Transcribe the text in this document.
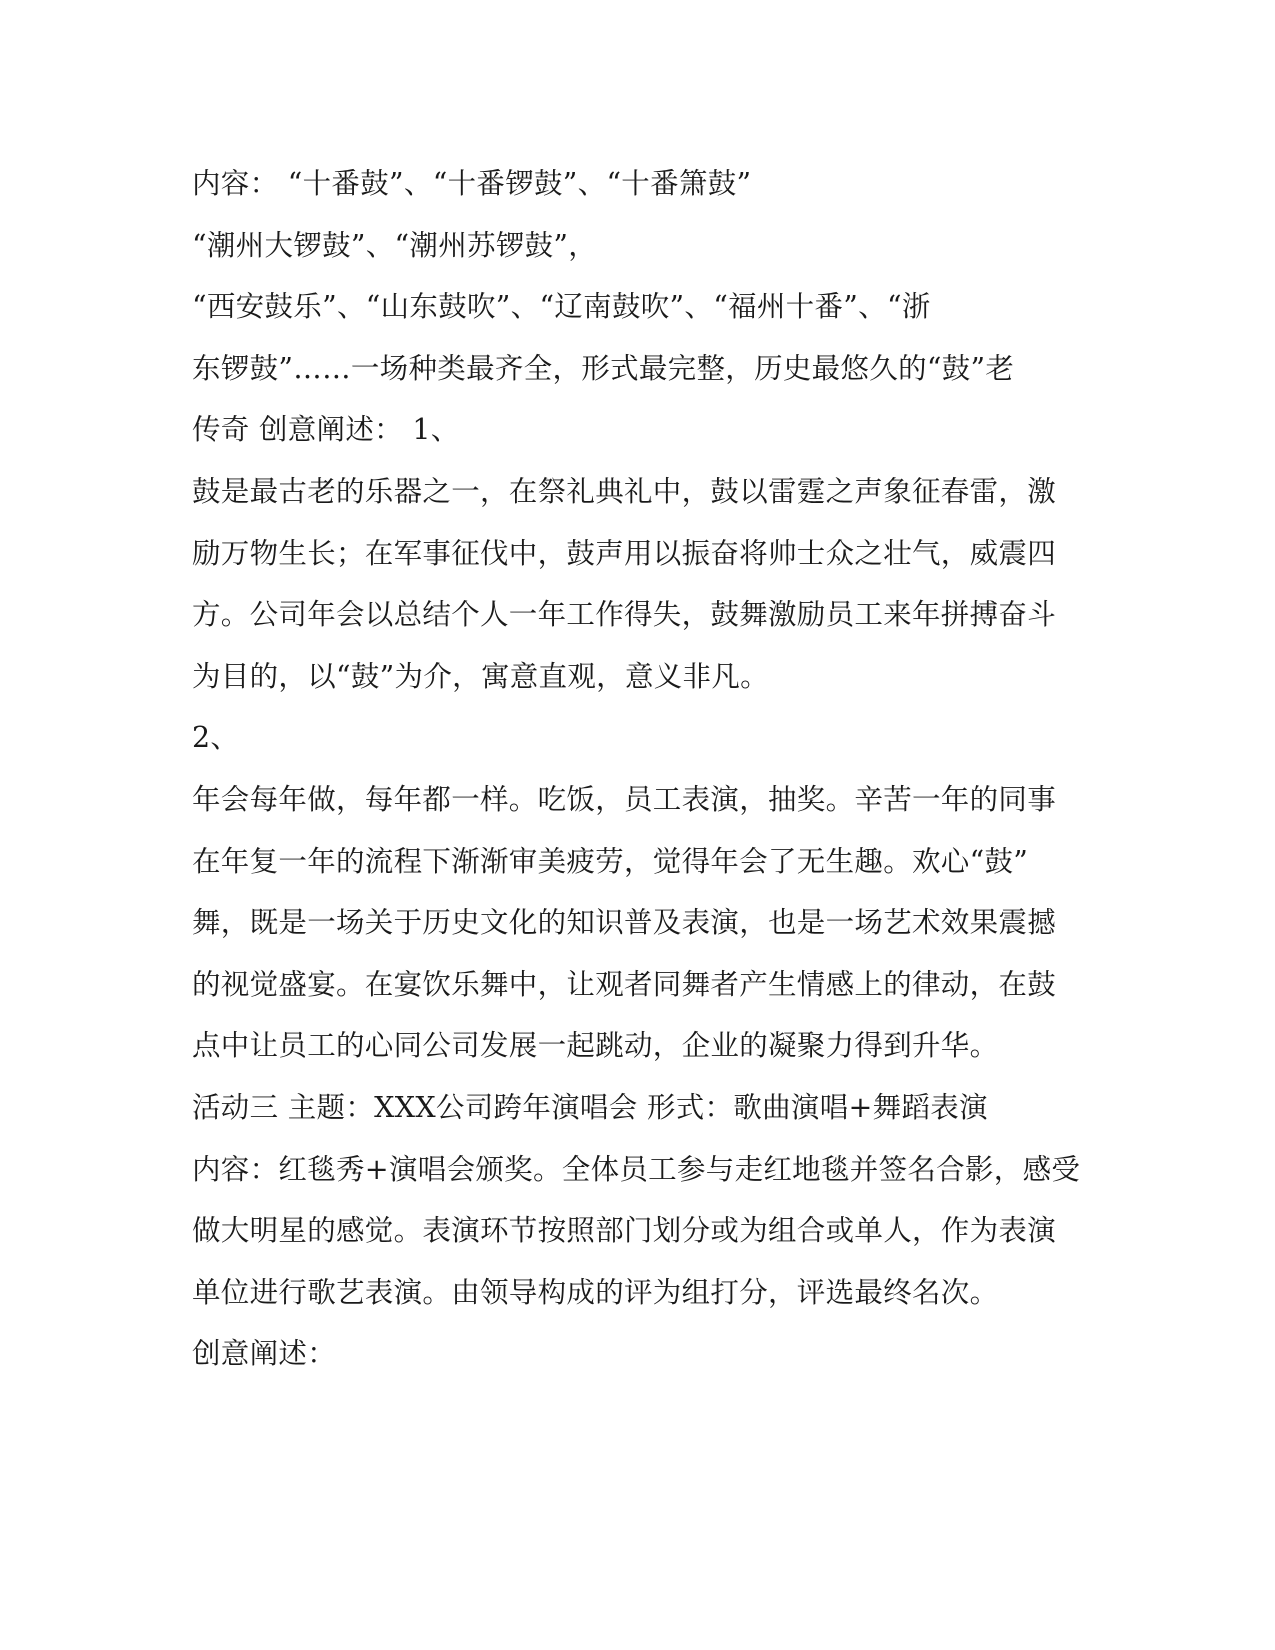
内容： “十番鼓”、“十番锣鼓”、“十番箫鼓”

“潮州大锣鼓”、“潮州苏锣鼓”，

“西安鼓乐”、“山东鼓吹”、“辽南鼓吹”、“福州十番”、“浙

东锣鼓”……一场种类最齐全，形式最完整，历史最悠久的“鼓”老

传奇 创意阐述： 1、

鼓是最古老的乐器之一，在祭礼典礼中，鼓以雷霆之声象征春雷，激

励万物生长；在军事征伐中，鼓声用以振奋将帅士众之壮气，威震四

方。公司年会以总结个人一年工作得失，鼓舞激励员工来年拼搏奋斗

为目的，以“鼓”为介，寓意直观，意义非凡。

2、

年会每年做，每年都一样。吃饭，员工表演，抽奖。辛苦一年的同事

在年复一年的流程下渐渐审美疲劳，觉得年会了无生趣。欢心“鼓”

舞，既是一场关于历史文化的知识普及表演，也是一场艺术效果震撼

的视觉盛宴。在宴饮乐舞中，让观者同舞者产生情感上的律动，在鼓

点中让员工的心同公司发展一起跳动，企业的凝聚力得到升华。

活动三 主题：XXX公司跨年演唱会 形式：歌曲演唱+舞蹈表演

内容：红毯秀+演唱会颁奖。全体员工参与走红地毯并签名合影，感受

做大明星的感觉。表演环节按照部门划分或为组合或单人，作为表演

单位进行歌艺表演。由领导构成的评为组打分，评选最终名次。

创意阐述：
